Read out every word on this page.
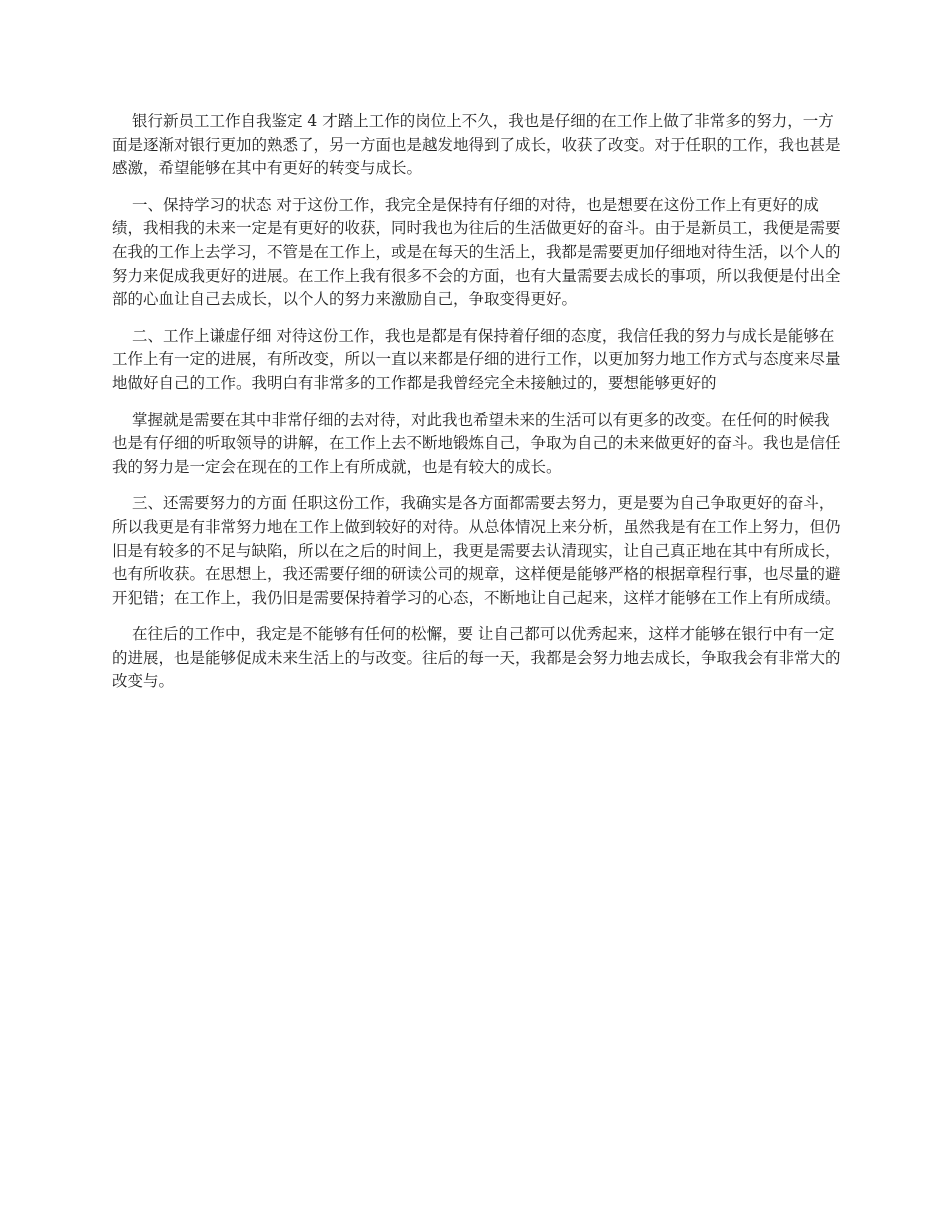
银行新员工工作自我鉴定 4 才踏上工作的岗位上不久，我也是仔细的在工作上做了非常多的努力，一方面是逐渐对银行更加的熟悉了，另一方面也是越发地得到了成长，收获了改变。对于任职的工作，我也甚是感激，希望能够在其中有更好的转变与成长。

一、保持学习的状态 对于这份工作，我完全是保持有仔细的对待，也是想要在这份工作上有更好的成绩，我相我的未来一定是有更好的收获，同时我也为往后的生活做更好的奋斗。由于是新员工，我便是需要在我的工作上去学习，不管是在工作上，或是在每天的生活上，我都是需要更加仔细地对待生活，以个人的努力来促成我更好的进展。在工作上我有很多不会的方面，也有大量需要去成长的事项，所以我便是付出全部的心血让自己去成长，以个人的努力来激励自己，争取变得更好。

二、工作上谦虚仔细 对待这份工作，我也是都是有保持着仔细的态度，我信任我的努力与成长是能够在工作上有一定的进展，有所改变，所以一直以来都是仔细的进行工作，以更加努力地工作方式与态度来尽量地做好自己的工作。我明白有非常多的工作都是我曾经完全未接触过的，要想能够更好的

掌握就是需要在其中非常仔细的去对待，对此我也希望未来的生活可以有更多的改变。在任何的时候我也是有仔细的听取领导的讲解，在工作上去不断地锻炼自己，争取为自己的未来做更好的奋斗。我也是信任我的努力是一定会在现在的工作上有所成就，也是有较大的成长。

三、还需要努力的方面 任职这份工作，我确实是各方面都需要去努力，更是要为自己争取更好的奋斗，所以我更是有非常努力地在工作上做到较好的对待。从总体情况上来分析，虽然我是有在工作上努力，但仍旧是有较多的不足与缺陷，所以在之后的时间上，我更是需要去认清现实，让自己真正地在其中有所成长，也有所收获。在思想上，我还需要仔细的研读公司的规章，这样便是能够严格的根据章程行事，也尽量的避开犯错；在工作上，我仍旧是需要保持着学习的心态，不断地让自己起来，这样才能够在工作上有所成绩。

在往后的工作中，我定是不能够有任何的松懈，要 让自己都可以优秀起来，这样才能够在银行中有一定的进展，也是能够促成未来生活上的与改变。往后的每一天，我都是会努力地去成长，争取我会有非常大的改变与。
